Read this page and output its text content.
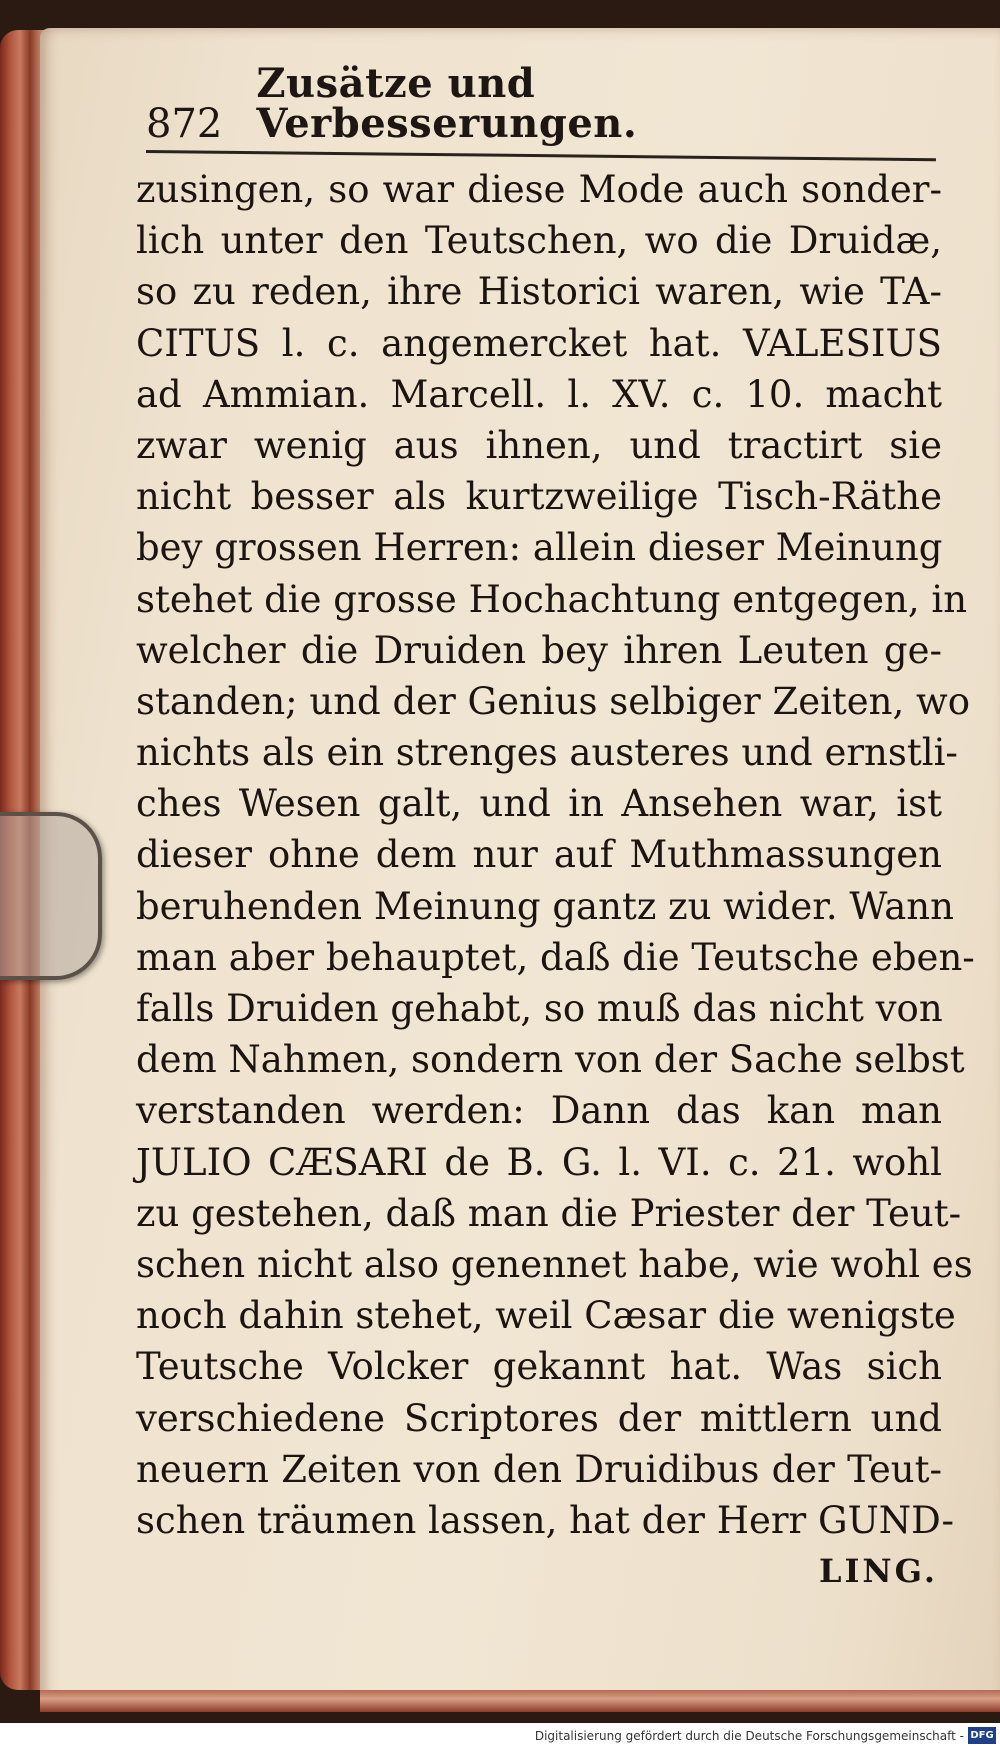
872
Zusätze und Verbesserungen.
zusingen, so war diese Mode auch sonder-
lich unter den Teutschen, wo die Druidæ,
so zu reden, ihre Historici waren, wie TA-
CITUS l. c. angemercket hat. VALESIUS
ad Ammian. Marcell. l. XV. c. 10. macht
zwar wenig aus ihnen, und tractirt sie
nicht besser als kurtzweilige Tisch-Räthe
bey grossen Herren: allein dieser Meinung
stehet die grosse Hochachtung entgegen, in
welcher die Druiden bey ihren Leuten ge-
standen; und der Genius selbiger Zeiten, wo
nichts als ein strenges austeres und ernstli-
ches Wesen galt, und in Ansehen war, ist
dieser ohne dem nur auf Muthmassungen
beruhenden Meinung gantz zu wider. Wann
man aber behauptet, daß die Teutsche eben-
falls Druiden gehabt, so muß das nicht von
dem Nahmen, sondern von der Sache selbst
verstanden werden: Dann das kan man
JULIO CÆSARI de B. G. l. VI. c. 21. wohl
zu gestehen, daß man die Priester der Teut-
schen nicht also genennet habe, wie wohl es
noch dahin stehet, weil Cæsar die wenigste
Teutsche Volcker gekannt hat. Was sich
verschiedene Scriptores der mittlern und
neuern Zeiten von den Druidibus der Teut-
schen träumen lassen, hat der Herr GUND-
LING.
Digitalisierung gefördert durch die Deutsche Forschungsgemeinschaft - DFG
